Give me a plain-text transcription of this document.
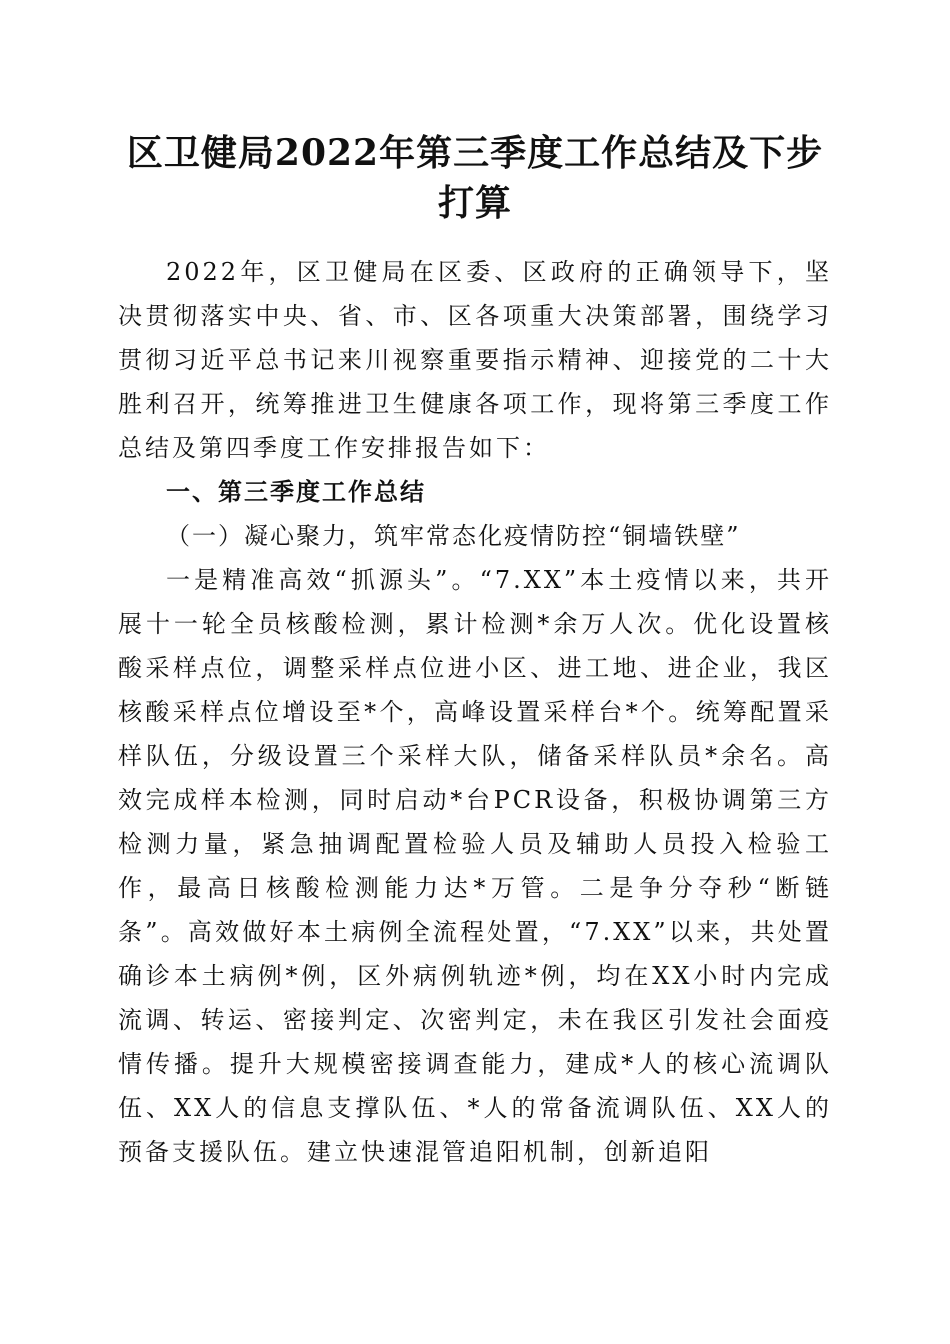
区卫健局2022年第三季度工作总结及下步打算

2022年，区卫健局在区委、区政府的正确领导下，坚决贯彻落实中央、省、市、区各项重大决策部署，围绕学习贯彻习近平总书记来川视察重要指示精神、迎接党的二十大胜利召开，统筹推进卫生健康各项工作，现将第三季度工作总结及第四季度工作安排报告如下：

一、第三季度工作总结

（一）凝心聚力，筑牢常态化疫情防控“铜墙铁壁”

一是精准高效“抓源头”。“7.XX”本土疫情以来，共开展十一轮全员核酸检测，累计检测*余万人次。优化设置核酸采样点位，调整采样点位进小区、进工地、进企业，我区核酸采样点位增设至*个，高峰设置采样台*个。统筹配置采样队伍，分级设置三个采样大队，储备采样队员*余名。高效完成样本检测，同时启动*台PCR设备，积极协调第三方检测力量，紧急抽调配置检验人员及辅助人员投入检验工作，最高日核酸检测能力达*万管。二是争分夺秒“断链条”。高效做好本土病例全流程处置，“7.XX”以来，共处置确诊本土病例*例，区外病例轨迹*例，均在XX小时内完成流调、转运、密接判定、次密判定，未在我区引发社会面疫情传播。提升大规模密接调查能力，建成*人的核心流调队伍、XX人的信息支撑队伍、*人的常备流调队伍、XX人的预备支援队伍。建立快速混管追阳机制，创新追阳
